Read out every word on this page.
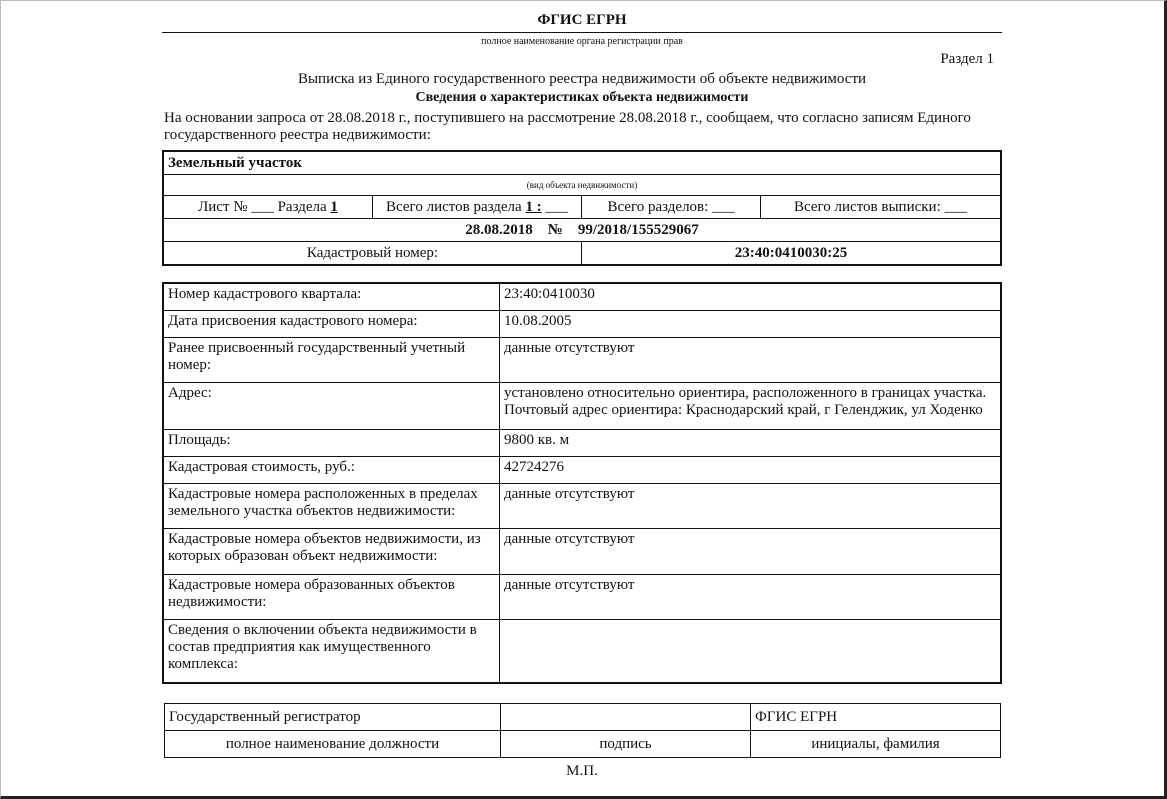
ФГИС ЕГРН
полное наименование органа регистрации прав
Раздел 1
Выписка из Единого государственного реестра недвижимости об объекте недвижимости
Сведения о характеристиках объекта недвижимости
На основании запроса от 28.08.2018 г., поступившего на рассмотрение 28.08.2018 г., сообщаем, что согласно записям Единого государственного реестра недвижимости:
Земельный участок			
(вид объекта недвижимости)			
Лист № ___ Раздела 1	Всего листов раздела 1 : ___	Всего разделов: ___	Всего листов выписки: ___
28.08.2018    №    99/2018/155529067			
Кадастровый номер:		23:40:0410030:25	
Номер кадастрового квартала:	23:40:0410030
Дата присвоения кадастрового номера:	10.08.2005
Ранее присвоенный государственный учетный номер:	данные отсутствуют
Адрес:	установлено относительно ориентира, расположенного в границах участка. Почтовый адрес ориентира: Краснодарский край, г Геленджик, ул Ходенко
Площадь:	9800 кв. м
Кадастровая стоимость, руб.:	42724276
Кадастровые номера расположенных в пределах земельного участка объектов недвижимости:	данные отсутствуют
Кадастровые номера объектов недвижимости, из которых образован объект недвижимости:	данные отсутствуют
Кадастровые номера образованных объектов недвижимости:	данные отсутствуют
Сведения о включении объекта недвижимости в состав предприятия как имущественного комплекса:	
Государственный регистратор		ФГИС ЕГРН
полное наименование должности	подпись	инициалы, фамилия
М.П.
